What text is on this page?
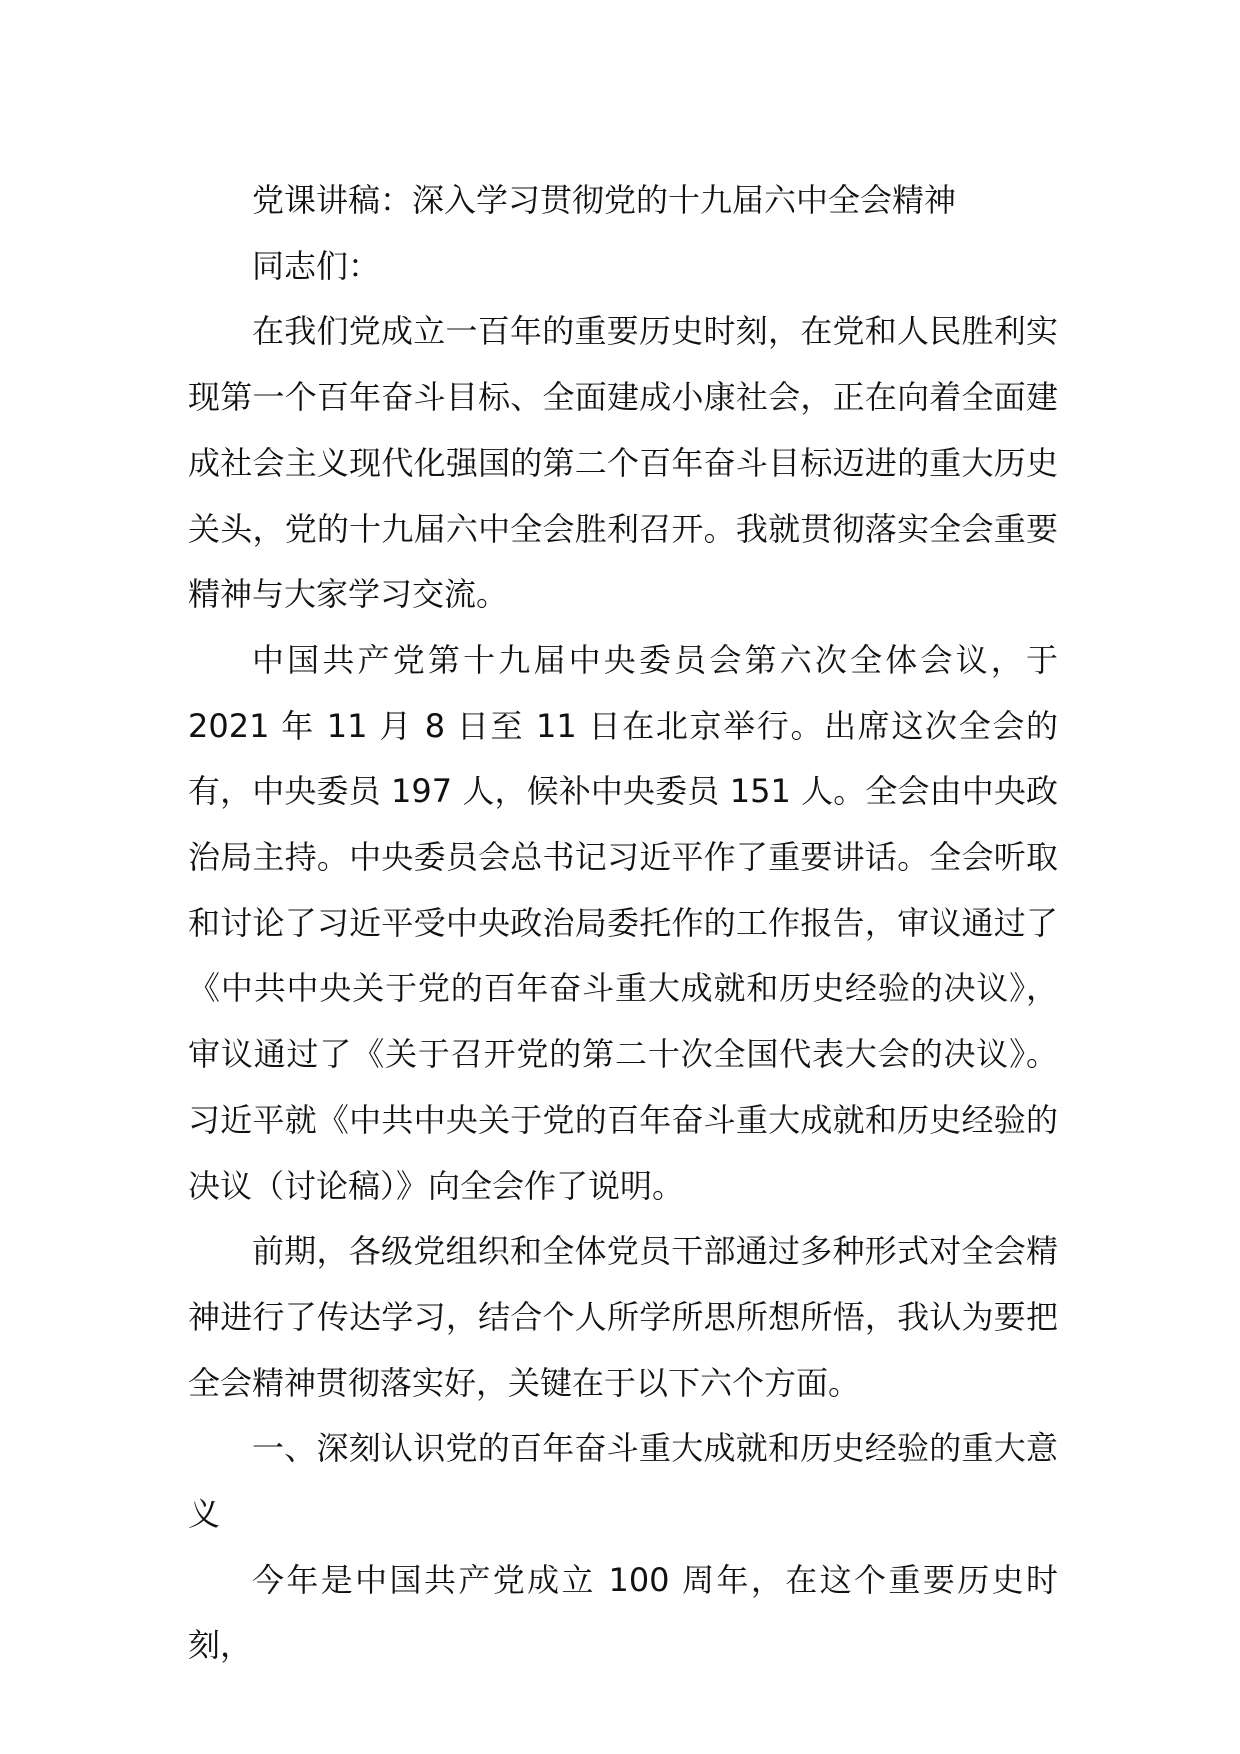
党课讲稿：深入学习贯彻党的十九届六中全会精神

同志们：

在我们党成立一百年的重要历史时刻，在党和人民胜利实现第一个百年奋斗目标、全面建成小康社会，正在向着全面建成社会主义现代化强国的第二个百年奋斗目标迈进的重大历史关头，党的十九届六中全会胜利召开。我就贯彻落实全会重要精神与大家学习交流。

中国共产党第十九届中央委员会第六次全体会议，于 2021 年 11 月 8 日至 11 日在北京举行。出席这次全会的有，中央委员 197 人，候补中央委员 151 人。全会由中央政治局主持。中央委员会总书记习近平作了重要讲话。全会听取和讨论了习近平受中央政治局委托作的工作报告，审议通过了《中共中央关于党的百年奋斗重大成就和历史经验的决议》，审议通过了《关于召开党的第二十次全国代表大会的决议》。习近平就《中共中央关于党的百年奋斗重大成就和历史经验的决议（讨论稿）》向全会作了说明。

前期，各级党组织和全体党员干部通过多种形式对全会精神进行了传达学习，结合个人所学所思所想所悟，我认为要把全会精神贯彻落实好，关键在于以下六个方面。

一、深刻认识党的百年奋斗重大成就和历史经验的重大意义

今年是中国共产党成立 100 周年，在这个重要历史时刻，
